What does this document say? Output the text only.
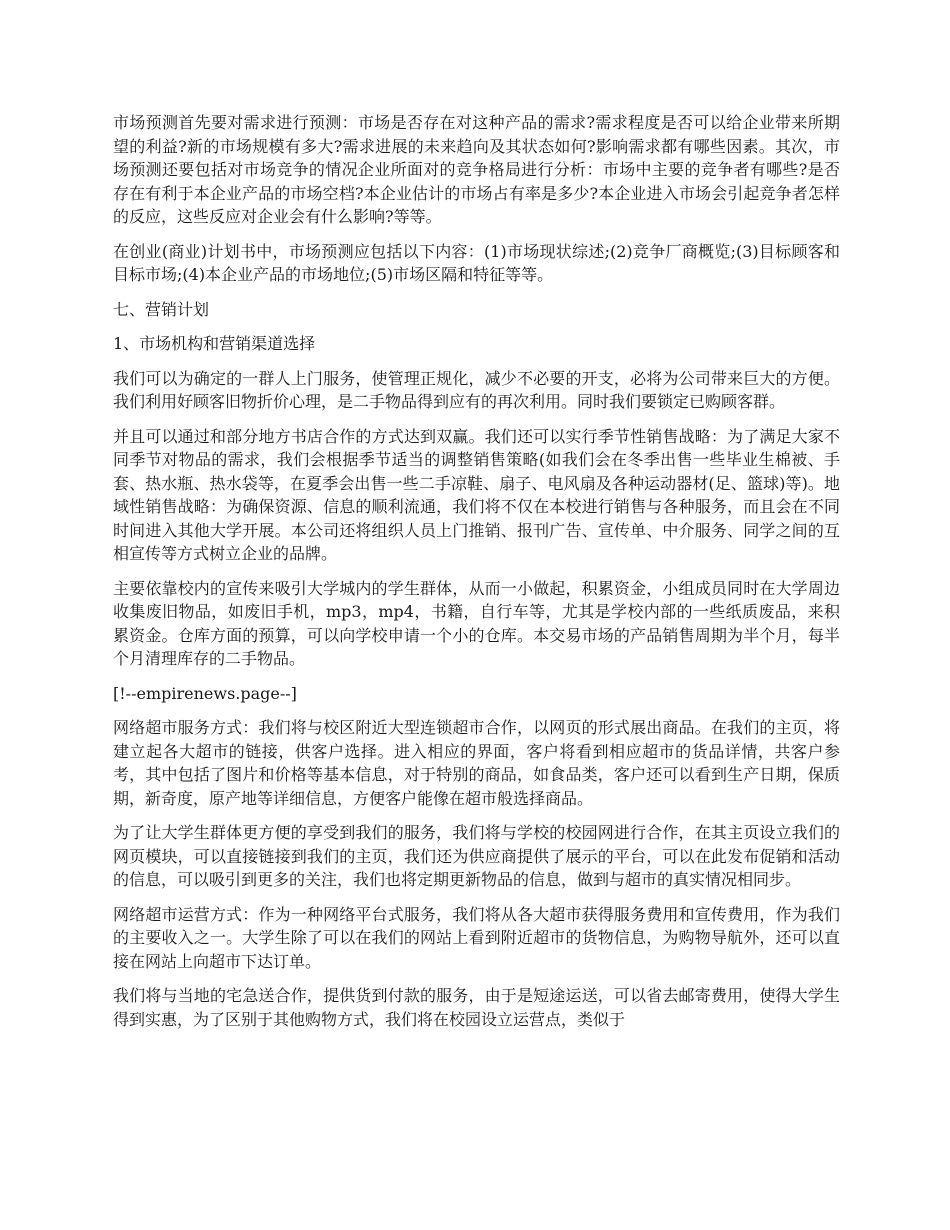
市场预测首先要对需求进行预测：市场是否存在对这种产品的需求?需求程度是否可以给企业带来所期望的利益?新的市场规模有多大?需求进展的未来趋向及其状态如何?影响需求都有哪些因素。其次，市场预测还要包括对市场竞争的情况企业所面对的竞争格局进行分析：市场中主要的竞争者有哪些?是否存在有利于本企业产品的市场空档?本企业估计的市场占有率是多少?本企业进入市场会引起竞争者怎样的反应，这些反应对企业会有什么影响?等等。

在创业(商业)计划书中，市场预测应包括以下内容：(1)市场现状综述;(2)竞争厂商概览;(3)目标顾客和目标市场;(4)本企业产品的市场地位;(5)市场区隔和特征等等。

七、营销计划

1、市场机构和营销渠道选择

我们可以为确定的一群人上门服务，使管理正规化，减少不必要的开支，必将为公司带来巨大的方便。我们利用好顾客旧物折价心理，是二手物品得到应有的再次利用。同时我们要锁定已购顾客群。

并且可以通过和部分地方书店合作的方式达到双赢。我们还可以实行季节性销售战略：为了满足大家不同季节对物品的需求，我们会根据季节适当的调整销售策略(如我们会在冬季出售一些毕业生棉被、手套、热水瓶、热水袋等，在夏季会出售一些二手凉鞋、扇子、电风扇及各种运动器材(足、篮球)等)。地域性销售战略：为确保资源、信息的顺利流通，我们将不仅在本校进行销售与各种服务，而且会在不同时间进入其他大学开展。本公司还将组织人员上门推销、报刊广告、宣传单、中介服务、同学之间的互相宣传等方式树立企业的品牌。

主要依靠校内的宣传来吸引大学城内的学生群体，从而一小做起，积累资金，小组成员同时在大学周边收集废旧物品，如废旧手机，mp3，mp4，书籍，自行车等，尤其是学校内部的一些纸质废品，来积累资金。仓库方面的预算，可以向学校申请一个小的仓库。本交易市场的产品销售周期为半个月，每半个月清理库存的二手物品。

[!--empirenews.page--]

网络超市服务方式：我们将与校区附近大型连锁超市合作，以网页的形式展出商品。在我们的主页，将建立起各大超市的链接，供客户选择。进入相应的界面，客户将看到相应超市的货品详情，共客户参考，其中包括了图片和价格等基本信息，对于特别的商品，如食品类，客户还可以看到生产日期，保质期，新奇度，原产地等详细信息，方便客户能像在超市般选择商品。

为了让大学生群体更方便的享受到我们的服务，我们将与学校的校园网进行合作，在其主页设立我们的网页模块，可以直接链接到我们的主页，我们还为供应商提供了展示的平台，可以在此发布促销和活动的信息，可以吸引到更多的关注，我们也将定期更新物品的信息，做到与超市的真实情况相同步。

网络超市运营方式：作为一种网络平台式服务，我们将从各大超市获得服务费用和宣传费用，作为我们的主要收入之一。大学生除了可以在我们的网站上看到附近超市的货物信息，为购物导航外，还可以直接在网站上向超市下达订单。

我们将与当地的宅急送合作，提供货到付款的服务，由于是短途运送，可以省去邮寄费用，使得大学生得到实惠，为了区别于其他购物方式，我们将在校园设立运营点，类似于
